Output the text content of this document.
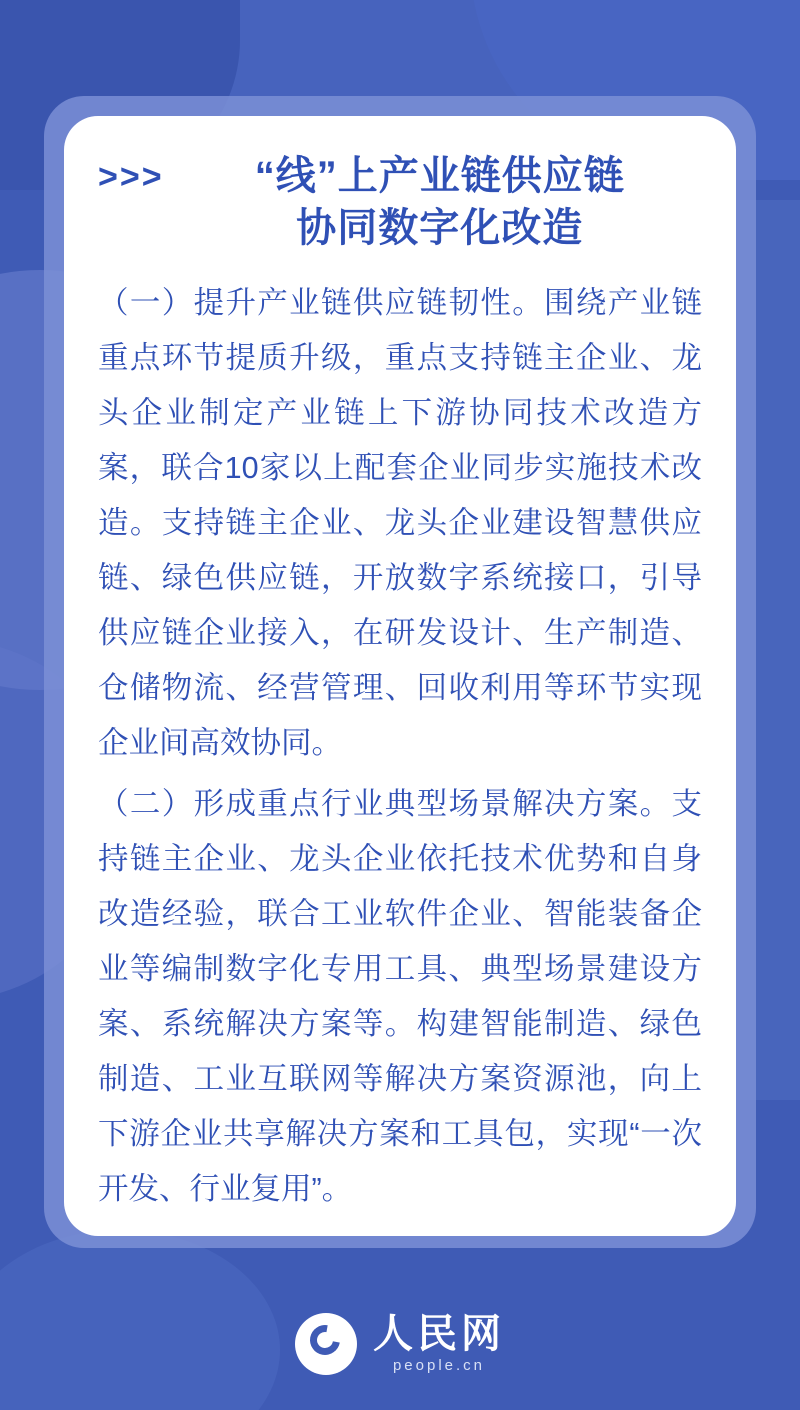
>>>	“线”上产业链供应链
协同数字化改造

（一）提升产业链供应链韧性。围绕产业链重点环节提质升级，重点支持链主企业、龙头企业制定产业链上下游协同技术改造方案，联合10家以上配套企业同步实施技术改造。支持链主企业、龙头企业建设智慧供应链、绿色供应链，开放数字系统接口，引导供应链企业接入，在研发设计、生产制造、仓储物流、经营管理、回收利用等环节实现企业间高效协同。

（二）形成重点行业典型场景解决方案。支持链主企业、龙头企业依托技术优势和自身改造经验，联合工业软件企业、智能装备企业等编制数字化专用工具、典型场景建设方案、系统解决方案等。构建智能制造、绿色制造、工业互联网等解决方案资源池，向上下游企业共享解决方案和工具包，实现“一次开发、行业复用”。

人民网
people.cn
